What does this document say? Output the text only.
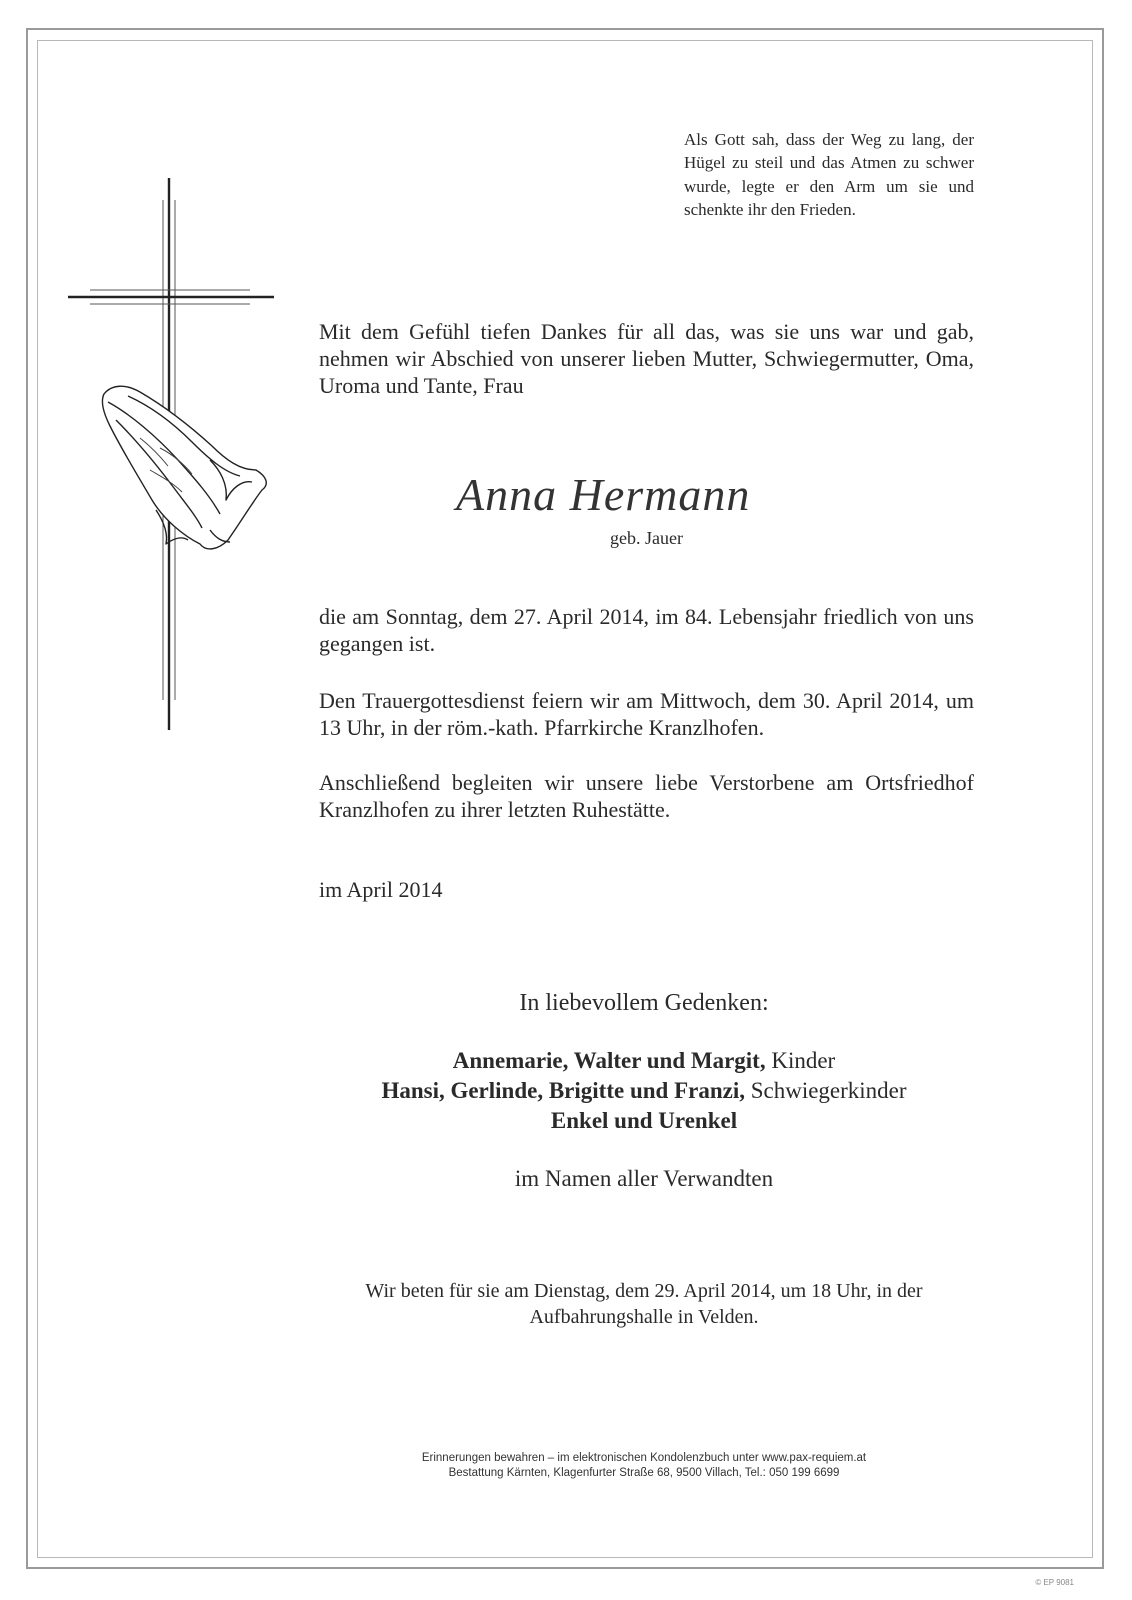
Als Gott sah, dass der Weg zu lang, der Hügel zu steil und das Atmen zu schwer wurde, legte er den Arm um sie und schenkte ihr den Frieden.

Mit dem Gefühl tiefen Dankes für all das, was sie uns war und gab, nehmen wir Abschied von unserer lieben Mutter, Schwiegermutter, Oma, Uroma und Tante, Frau

Anna Hermann
geb. Jauer

die am Sonntag, dem 27. April 2014, im 84. Lebensjahr friedlich von uns gegangen ist.

Den Trauergottesdienst feiern wir am Mittwoch, dem 30. April 2014, um 13 Uhr, in der röm.-kath. Pfarrkirche Kranzlhofen.

Anschließend begleiten wir unsere liebe Verstorbene am Ortsfriedhof Kranzlhofen zu ihrer letzten Ruhestätte.

im April 2014
In liebevollem Gedenken:
Annemarie, Walter und Margit, Kinder
Hansi, Gerlinde, Brigitte und Franzi, Schwiegerkinder
Enkel und Urenkel
im Namen aller Verwandten
Wir beten für sie am Dienstag, dem 29. April 2014, um 18 Uhr, in der
Aufbahrungshalle in Velden.
Erinnerungen bewahren – im elektronischen Kondolenzbuch unter www.pax-requiem.at
Bestattung Kärnten, Klagenfurter Straße 68, 9500 Villach, Tel.: 050 199 6699
© EP 9081
